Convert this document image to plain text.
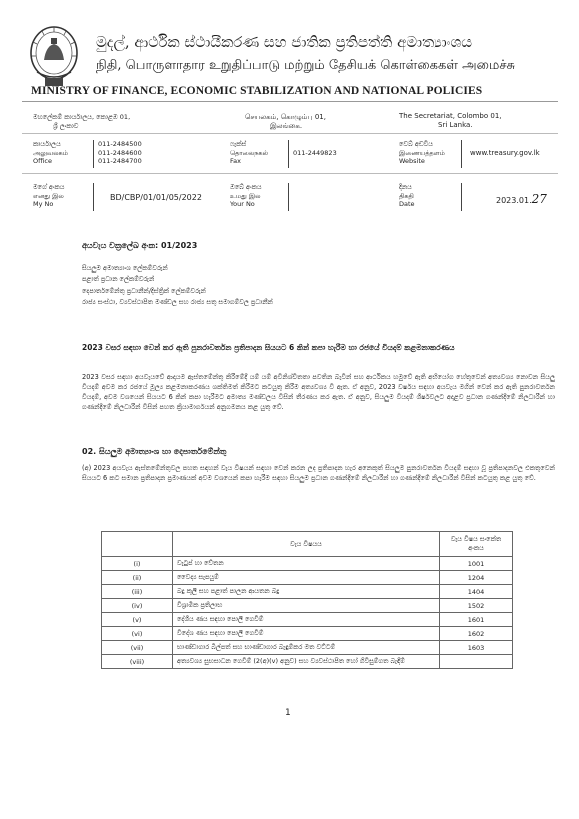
මුදල්, ආර්ථික ස්ථායීකරණ සහ ජාතික ප්‍රතිපත්ති අමාත්‍යාංශය
நிதி, பொருளாதார உறுதிப்பாடு மற்றும் தேசியக் கொள்கைகள் அமைச்சு
MINISTRY OF FINANCE, ECONOMIC STABILIZATION AND NATIONAL POLICIES
මහලේකම් කාර්යාලය, කොළඹ 01,
ශ්‍රී ලංකාව
செயலகம், கொழும்பு 01,
இலங்கை.
The Secretariat, Colombo 01,
Sri Lanka.
කාර්යාලය
அலுவலகம்
Office
011-2484500
011-2484600
011-2484700
ෆැක්ස්
தொலைநகல்
Fax
011-2449823
වෙබ් අඩවිය
இணையத்தளம்
Website
www.treasury.gov.lk
මගේ අංකය
எனது இல
My No
BD/CBP/01/01/05/2022
ඔබේ අංකය
உமது இல
Your No
දිනය
திகதி
Date	2023.01.27
අයවැය චක්‍රලේඛ අංක: 01/2023
සියලුම අමාත්‍යාංශ ලේකම්වරුන්
පළාත් ප්‍රධාන ලේකම්වරුන්
දෙපාර්තමේන්තු ප්‍රධානීන්/දිස්ත්‍රික් ලේකම්වරුන්
රාජ්‍ය සංස්ථා, ව්‍යවස්ථාපිත මණ්ඩල සහ රාජ්‍ය සතු සමාගම්වල ප්‍රධානීන්
2023 වසර සඳහා වෙන් කර ඇති පුනරාවර්තන ප්‍රතිපාදන සියයට 6 කින් කපා හැරීම හා රජයේ වියදම් කළමනාකරණය
2023 වසර සඳහා අයවැයවේ ආදායම ඇස්තමේන්තු කිරීමේදී යම් යම් අවිනිශ්චිතතා පවතින බැවින් සහ ආර්ථිකය හමුවේ ඇති අභියෝග හේතුවෙන් අත්‍යවශ්‍ය නොවන සියලු වියදම් අවම කර රජයේ මූල්‍ය කළමනාකරණය ශක්තිමත් කිරීමට කටයුතු කිරීම අත්‍යවශ්‍ය වී ඇත. ඒ අනුව, 2023 වර්ෂය සඳහා අයවැය මගින් වෙන් කර ඇති පුනරාවර්තන වියදම්, අවම වශයෙන් සියයට 6 කින් කපා හැරීමට අමාත්‍ය මණ්ඩලය විසින් තීරණය කර ඇත. ඒ අනුව, සියලුම වියදම් ශීර්ෂවලට අදාළව ප්‍රධාන ගණන්දීමේ නිලධාරීන් හා ගණන්දීමේ නිලධාරීන් විසින් පහත ක්‍රියාමාර්ගයන් අනුගමනය කළ යුතු වේ.
02. සියලුම අමාත්‍යාංශ හා දෙපාර්තමේන්තු
(අ) 2023 අයවැය ඇස්තමේන්තුවල පහත සඳහන් වැය විෂයන් සඳහා වෙන් කරන ලද ප්‍රතිපාදන හැර අනෙකුත් සියලුම පුනරාවර්තන වියදම් සඳහා වූ ප්‍රතිපාදනවල එකතුවෙන් සියයට 6 කට සමාන ප්‍රතිපාදන ප්‍රමාණයක් අවම වශයෙන් කපා හැරීම සඳහා සියලුම ප්‍රධාන ගණන්දීමේ නිලධාරීන් හා ගණන්දීමේ නිලධාරීන් විසින් කටයුතු කළ යුතු වේ.
	වැය විෂයය	වැය විෂය සංකේත අංකය
(i)	වැටුප් හා වේතන	1001
(ii)	වෛද්‍ය සැපයුම්	1204
(iii)	බදු කුලී සහ පළාත් පාලන ආයතන බදු	1404
(iv)	විශ්‍රාමික ප්‍රතිලාභ	1502
(v)	දේශීය ණය සඳහා පොලී ගෙවීම්	1601
(vi)	විදේශ ණය සඳහා පොලී ගෙවීම්	1602
(vii)	භාණ්ඩාගාර බිල්පත් සහ භාණ්ඩාගාර බැඳුම්කර මත වට්ටම්	1603
(viii)	අත්‍යවශ්‍ය සුභසාධන ගෙවීම් (2(අ)(v) අනුව) සහ ව්‍යවස්ථාපිත හෝ ගිවිසුම්ගත බැඳීම්	
1
